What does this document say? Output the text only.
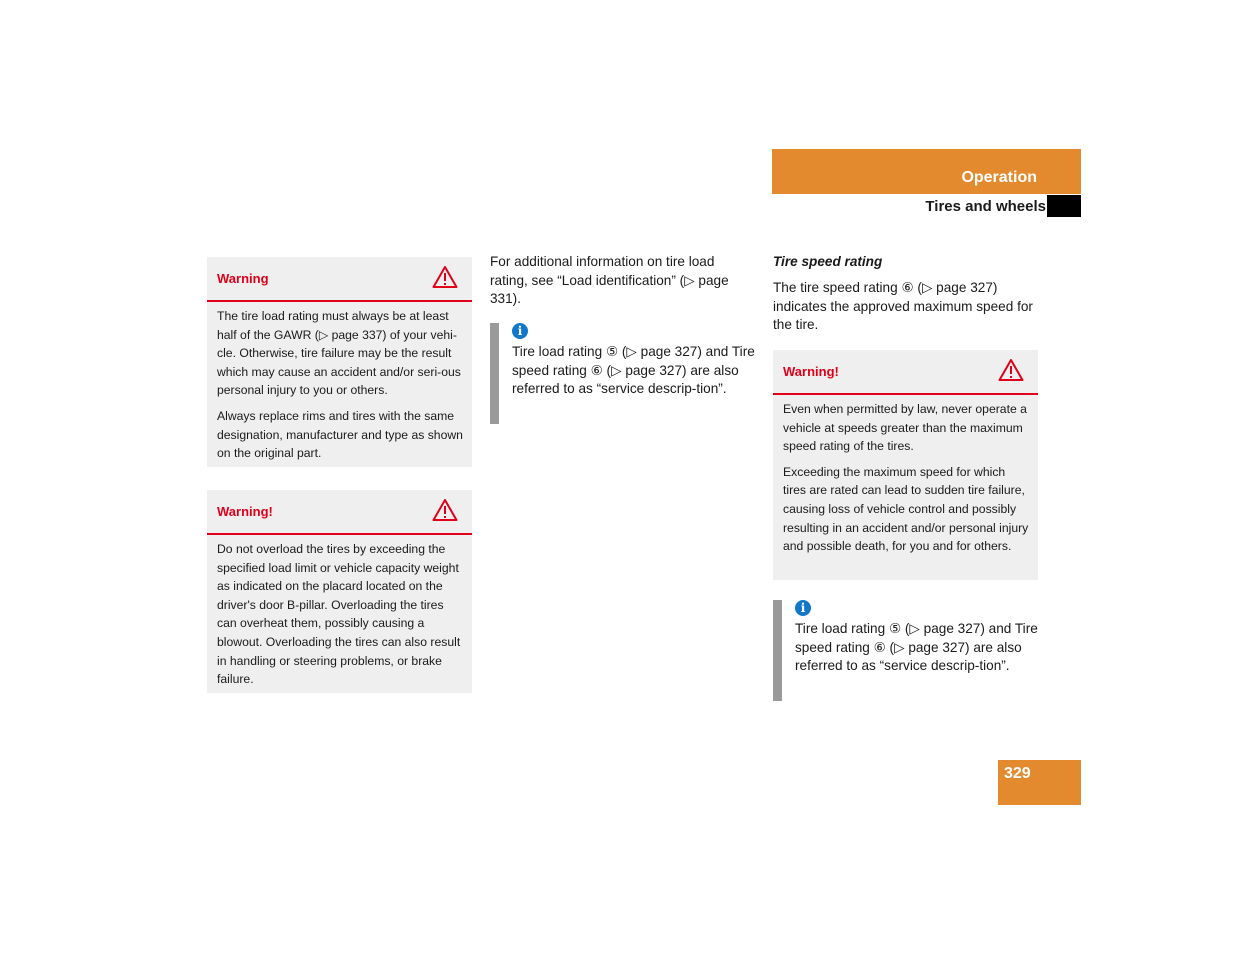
Operation
Tires and wheels
Warning

The tire load rating must always be at least half of the GAWR (▷ page 337) of your vehi-cle. Otherwise, tire failure may be the result which may cause an accident and/or seri-ous personal injury to you or others.

Always replace rims and tires with the same designation, manufacturer and type as shown on the original part.

Warning!

Do not overload the tires by exceeding the specified load limit or vehicle capacity weight as indicated on the placard located on the driver's door B-pillar. Overloading the tires can overheat them, possibly causing a blowout. Overloading the tires can also result in handling or steering problems, or brake failure.

For additional information on tire load rating, see “Load identification” (▷ page 331).

i
Tire load rating ⑤ (▷ page 327) and Tire speed rating ⑥ (▷ page 327) are also referred to as “service descrip-tion”.
Tire speed rating

The tire speed rating ⑥ (▷ page 327) indicates the approved maximum speed for the tire.

Warning!

Even when permitted by law, never operate a vehicle at speeds greater than the maximum speed rating of the tires.

Exceeding the maximum speed for which tires are rated can lead to sudden tire failure, causing loss of vehicle control and possibly resulting in an accident and/or personal injury and possible death, for you and for others.

i
Tire load rating ⑤ (▷ page 327) and Tire speed rating ⑥ (▷ page 327) are also referred to as “service descrip-tion”.
329
